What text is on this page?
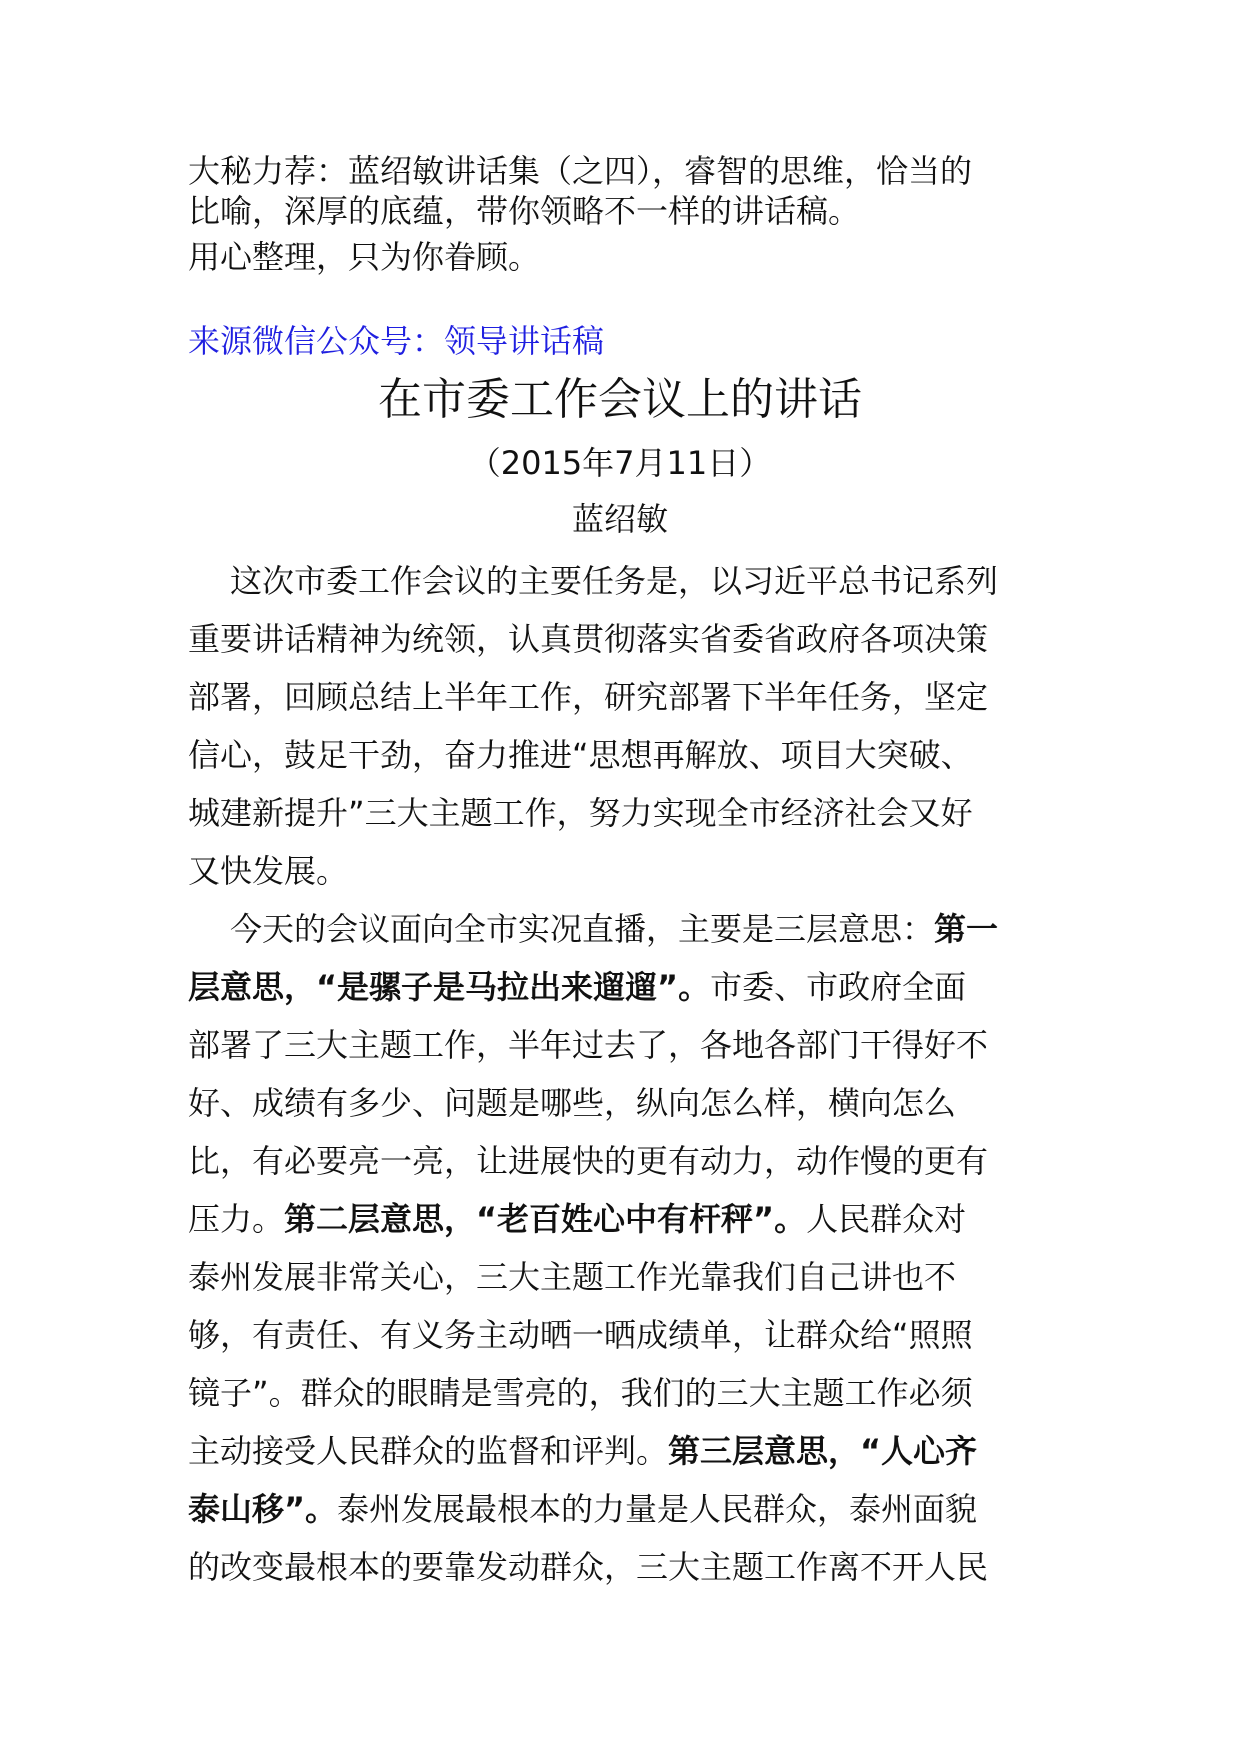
大秘力荐：蓝绍敏讲话集（之四），睿智的思维，恰当的

比喻，深厚的底蕴，带你领略不一样的讲话稿。

用心整理，只为你眷顾。

来源微信公众号：领导讲话稿
在市委工作会议上的讲话

（2015年7月11日）

蓝绍敏

这次市委工作会议的主要任务是，以习近平总书记系列
重要讲话精神为统领，认真贯彻落实省委省政府各项决策
部署，回顾总结上半年工作，研究部署下半年任务，坚定
信心，鼓足干劲，奋力推进“思想再解放、项目大突破、
城建新提升”三大主题工作，努力实现全市经济社会又好
又快发展。
今天的会议面向全市实况直播，主要是三层意思：第一
层意思，“是骡子是马拉出来遛遛”。市委、市政府全面
部署了三大主题工作，半年过去了，各地各部门干得好不
好、成绩有多少、问题是哪些，纵向怎么样，横向怎么
比，有必要亮一亮，让进展快的更有动力，动作慢的更有
压力。第二层意思，“老百姓心中有杆秤”。人民群众对
泰州发展非常关心，三大主题工作光靠我们自己讲也不
够，有责任、有义务主动晒一晒成绩单，让群众给“照照
镜子”。群众的眼睛是雪亮的，我们的三大主题工作必须
主动接受人民群众的监督和评判。第三层意思，“人心齐
泰山移”。泰州发展最根本的力量是人民群众，泰州面貌
的改变最根本的要靠发动群众，三大主题工作离不开人民
